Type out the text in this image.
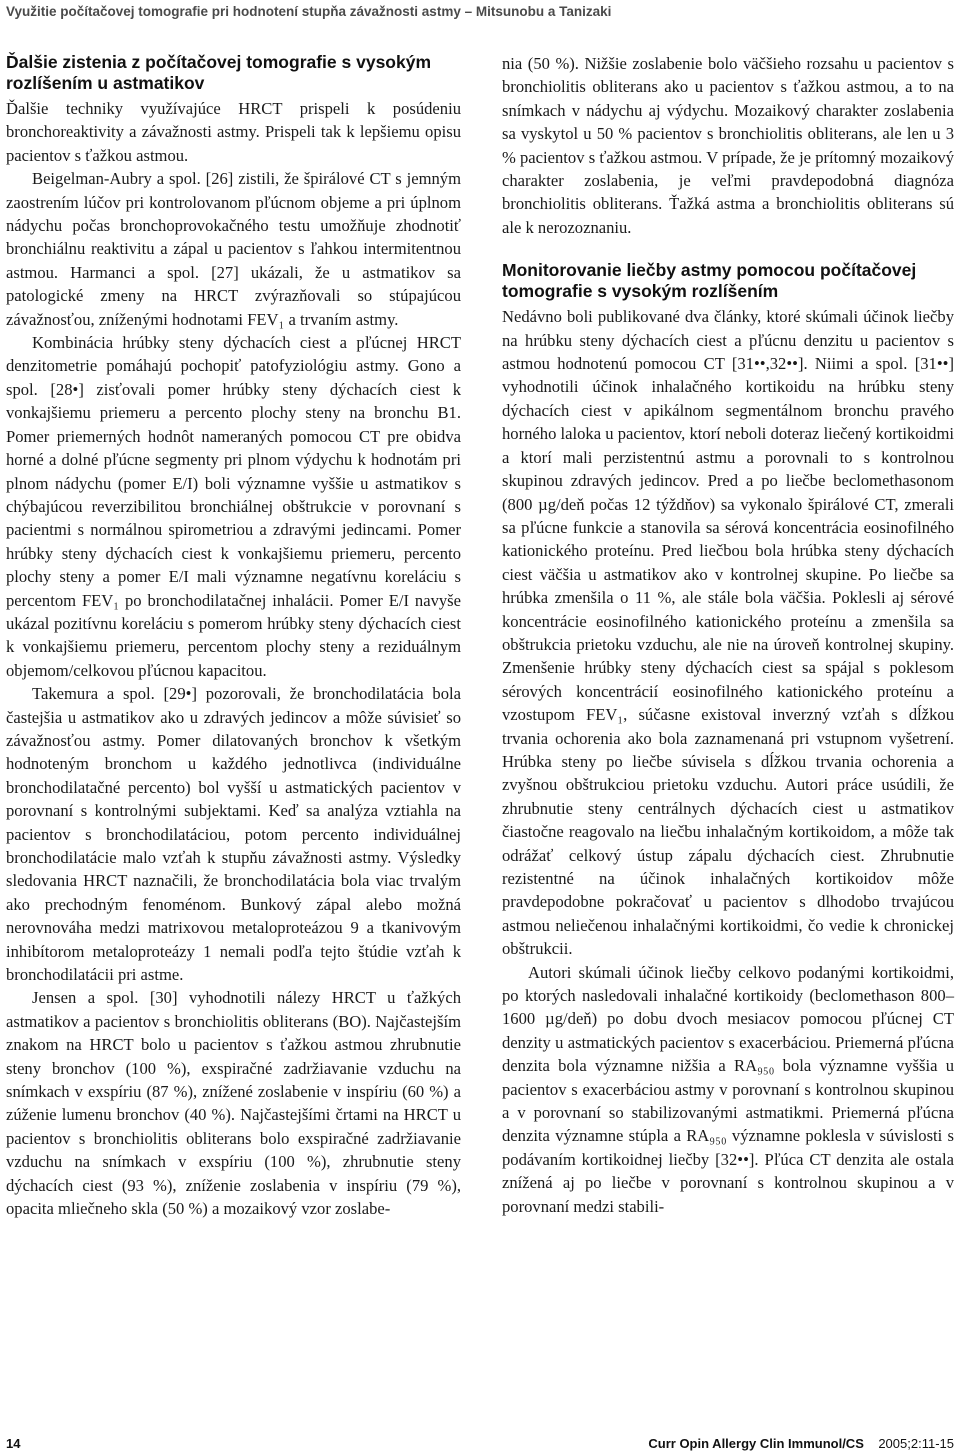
Využitie počítačovej tomografie pri hodnotení stupňa závažnosti astmy – Mitsunobu a Tanizaki
Ďalšie zistenia z počítačovej tomografie s vysokým rozlíšením u astmatikov

Ďalšie techniky využívajúce HRCT prispeli k posúdeniu bronchoreaktivity a závažnosti astmy. Prispeli tak k lepšiemu opisu pacientov s ťažkou astmou.

Beigelman-Aubry a spol. [26] zistili, že špirálové CT s jemným zaostrením lúčov pri kontrolovanom pľúcnom objeme a pri úplnom nádychu počas bronchoprovokačného testu umožňuje zhodnotiť bronchiálnu reaktivitu a zápal u pacientov s ľahkou intermitentnou astmou. Harmanci a spol. [27] ukázali, že u astmatikov sa patologické zmeny na HRCT zvýrazňovali so stúpajúcou závažnosťou, zníženými hodnotami FEV₁ a trvaním astmy.

Kombinácia hrúbky steny dýchacích ciest a pľúcnej HRCT denzitometrie pomáhajú pochopiť patofyziológiu astmy. Gono a spol. [28•] zisťovali pomer hrúbky steny dýchacích ciest k vonkajšiemu priemeru a percento plochy steny na bronchu B1. Pomer priemerných hodnôt nameraných pomocou CT pre obidva horné a dolné pľúcne segmenty pri plnom výdychu k hodnotám pri plnom nádychu (pomer E/I) boli významne vyššie u astmatikov s chýbajúcou reverzibilitou bronchiálnej obštrukcie v porovnaní s pacientmi s normálnou spirometriou a zdravými jedincami. Pomer hrúbky steny dýchacích ciest k vonkajšiemu priemeru, percento plochy steny a pomer E/I mali významne negatívnu koreláciu s percentom FEV₁ po bronchodilatačnej inhalácii. Pomer E/I navyše ukázal pozitívnu koreláciu s pomerom hrúbky steny dýchacích ciest k vonkajšiemu priemeru, percentom plochy steny a reziduálnym objemom/celkovou pľúcnou kapacitou.

Takemura a spol. [29•] pozorovali, že bronchodilatácia bola častejšia u astmatikov ako u zdravých jedincov a môže súvisieť so závažnosťou astmy. Pomer dilatovaných bronchov k všetkým hodnoteným bronchom u každého jednotlivca (individuálne bronchodilatačné percento) bol vyšší u astmatických pacientov v porovnaní s kontrolnými subjektami. Keď sa analýza vztiahla na pacientov s bronchodilatáciou, potom percento individuálnej bronchodilatácie malo vzťah k stupňu závažnosti astmy. Výsledky sledovania HRCT naznačili, že bronchodilatácia bola viac trvalým ako prechodným fenoménom. Bunkový zápal alebo možná nerovnováha medzi matrixovou metaloproteázou 9 a tkanivovým inhibítorom metaloproteázy 1 nemali podľa tejto štúdie vzťah k bronchodilatácii pri astme.

Jensen a spol. [30] vyhodnotili nálezy HRCT u ťažkých astmatikov a pacientov s bronchiolitis obliterans (BO). Najčastejším znakom na HRCT bolo u pacientov s ťažkou astmou zhrubnutie steny bronchov (100 %), exspiračné zadržiavanie vzduchu na snímkach v exspíriu (87 %), znížené zoslabenie v inspíriu (60 %) a zúženie lumenu bronchov (40 %). Najčastejšími črtami na HRCT u pacientov s bronchiolitis obliterans bolo exspiračné zadržiavanie vzduchu na snímkach v exspíriu (100 %), zhrubnutie steny dýchacích ciest (93 %), zníženie zoslabenia v inspíriu (79 %), opacita mliečneho skla (50 %) a mozaikový vzor zoslabe-

nia (50 %). Nižšie zoslabenie bolo väčšieho rozsahu u pacientov s bronchiolitis obliterans ako u pacientov s ťažkou astmou, a to na snímkach v nádychu aj výdychu. Mozaikový charakter zoslabenia sa vyskytol u 50 % pacientov s bronchiolitis obliterans, ale len u 3 % pacientov s ťažkou astmou. V prípade, že je prítomný mozaikový charakter zoslabenia, je veľmi pravdepodobná diagnóza bronchiolitis obliterans. Ťažká astma a bronchiolitis obliterans sú ale k nerozoznaniu.

Monitorovanie liečby astmy pomocou počítačovej tomografie s vysokým rozlíšením

Nedávno boli publikované dva články, ktoré skúmali účinok liečby na hrúbku steny dýchacích ciest a pľúcnu denzitu u pacientov s astmou hodnotenú pomocou CT [31••,32••]. Niimi a spol. [31••] vyhodnotili účinok inhalačného kortikoidu na hrúbku steny dýchacích ciest v apikálnom segmentálnom bronchu pravého horného laloka u pacientov, ktorí neboli doteraz liečený kortikoidmi a ktorí mali perzistentnú astmu a porovnali to s kontrolnou skupinou zdravých jedincov. Pred a po liečbe beclomethasonom (800 µg/deň počas 12 týždňov) sa vykonalo špirálové CT, zmerali sa pľúcne funkcie a stanovila sa sérová koncentrácia eosinofilného kationického proteínu. Pred liečbou bola hrúbka steny dýchacích ciest väčšia u astmatikov ako v kontrolnej skupine. Po liečbe sa hrúbka zmenšila o 11 %, ale stále bola väčšia. Poklesli aj sérové koncentrácie eosinofilného kationického proteínu a zmenšila sa obštrukcia prietoku vzduchu, ale nie na úroveň kontrolnej skupiny. Zmenšenie hrúbky steny dýchacích ciest sa spájal s poklesom sérových koncentrácií eosinofilného kationického proteínu a vzostupom FEV₁, súčasne existoval inverzný vzťah s dĺžkou trvania ochorenia ako bola zaznamenaná pri vstupnom vyšetrení. Hrúbka steny po liečbe súvisela s dĺžkou trvania ochorenia a zvyšnou obštrukciou prietoku vzduchu. Autori práce usúdili, že zhrubnutie steny centrálnych dýchacích ciest u astmatikov čiastočne reagovalo na liečbu inhalačným kortikoidom, a môže tak odrážať celkový ústup zápalu dýchacích ciest. Zhrubnutie rezistentné na účinok inhalačných kortikoidov môže pravdepodobne pokračovať u pacientov s dlhodobo trvajúcou astmou neliečenou inhalačnými kortikoidmi, čo vedie k chronickej obštrukcii.

Autori skúmali účinok liečby celkovo podanými kortikoidmi, po ktorých nasledovali inhalačné kortikoidy (beclomethason 800–1600 µg/deň) po dobu dvoch mesiacov pomocou pľúcnej CT denzity u astmatických pacientov s exacerbáciou. Priemerná pľúcna denzita bola významne nižšia a RA₉₅₀ bola významne vyššia u pacientov s exacerbáciou astmy v porovnaní s kontrolnou skupinou a v porovnaní so stabilizovanými astmatikmi. Priemerná pľúcna denzita významne stúpla a RA₉₅₀ významne poklesla v súvislosti s podávaním kortikoidnej liečby [32••]. Pľúca CT denzita ale ostala znížená aj po liečbe v porovnaní s kontrolnou skupinou a v porovnaní medzi stabili-

14	Curr Opin Allergy Clin Immunol/CS 2005;2:11-15
